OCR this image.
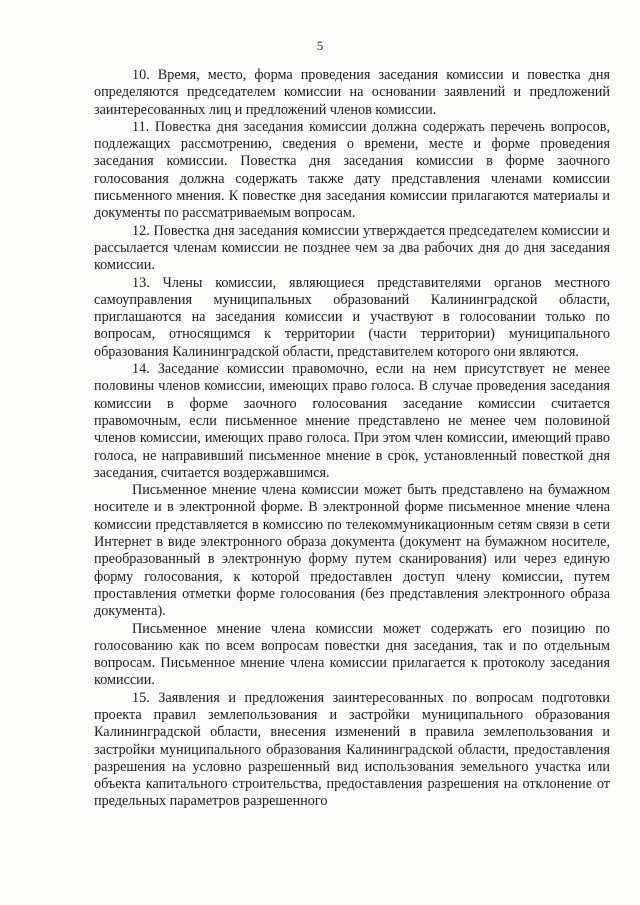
5

10. Время, место, форма проведения заседания комиссии и повестка дня определяются председателем комиссии на основании заявлений и предложений заинтересованных лиц и предложений членов комиссии.

11. Повестка дня заседания комиссии должна содержать перечень вопросов, подлежащих рассмотрению, сведения о времени, месте и форме проведения заседания комиссии. Повестка дня заседания комиссии в форме заочного голосования должна содержать также дату представления членами комиссии письменного мнения. К повестке дня заседания комиссии прилагаются материалы и документы по рассматриваемым вопросам.

12. Повестка дня заседания комиссии утверждается председателем комиссии и рассылается членам комиссии не позднее чем за два рабочих дня до дня заседания комиссии.

13. Члены комиссии, являющиеся представителями органов местного самоуправления муниципальных образований Калининградской области, приглашаются на заседания комиссии и участвуют в голосовании только по вопросам, относящимся к территории (части территории) муниципального образования Калининградской области, представителем которого они являются.

14. Заседание комиссии правомочно, если на нем присутствует не менее половины членов комиссии, имеющих право голоса. В случае проведения заседания комиссии в форме заочного голосования заседание комиссии считается правомочным, если письменное мнение представлено не менее чем половиной членов комиссии, имеющих право голоса. При этом член комиссии, имеющий право голоса, не направивший письменное мнение в срок, установленный повесткой дня заседания, считается воздержавшимся.

Письменное мнение члена комиссии может быть представлено на бумажном носителе и в электронной форме. В электронной форме письменное мнение члена комиссии представляется в комиссию по телекоммуникационным сетям связи в сети Интернет в виде электронного образа документа (документ на бумажном носителе, преобразованный в электронную форму путем сканирования) или через единую форму голосования, к которой предоставлен доступ члену комиссии, путем проставления отметки форме голосования (без представления электронного образа документа).

Письменное мнение члена комиссии может содержать его позицию по голосованию как по всем вопросам повестки дня заседания, так и по отдельным вопросам. Письменное мнение члена комиссии прилагается к протоколу заседания комиссии.

15. Заявления и предложения заинтересованных по вопросам подготовки проекта правил землепользования и застройки муниципального образования Калининградской области, внесения изменений в правила землепользования и застройки муниципального образования Калининградской области, предоставления разрешения на условно разрешенный вид использования земельного участка или объекта капитального строительства, предоставления разрешения на отклонение от предельных параметров разрешенного
